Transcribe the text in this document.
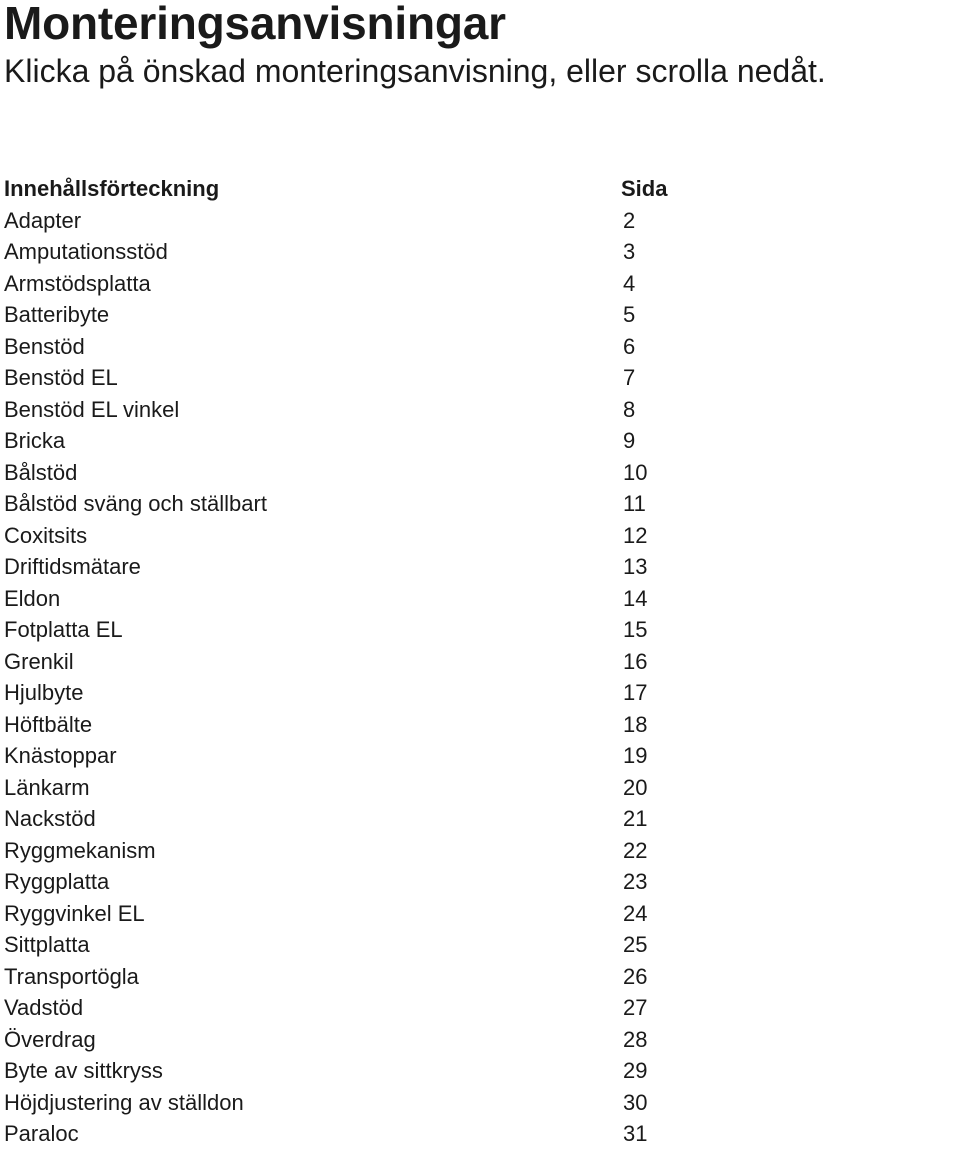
Monteringsanvisningar
Klicka på önskad monteringsanvisning, eller scrolla nedåt.
Innehållsförteckning	Sida
Adapter	2
Amputationsstöd	3
Armstödsplatta	4
Batteribyte	5
Benstöd	6
Benstöd EL	7
Benstöd EL vinkel	8
Bricka	9
Bålstöd	10
Bålstöd sväng och ställbart	11
Coxitsits	12
Driftidsmätare	13
Eldon	14
Fotplatta EL	15
Grenkil	16
Hjulbyte	17
Höftbälte	18
Knästoppar	19
Länkarm	20
Nackstöd	21
Ryggmekanism	22
Ryggplatta	23
Ryggvinkel EL	24
Sittplatta	25
Transportögla	26
Vadstöd	27
Överdrag	28
Byte av sittkryss	29
Höjdjustering av ställdon	30
Paraloc	31
